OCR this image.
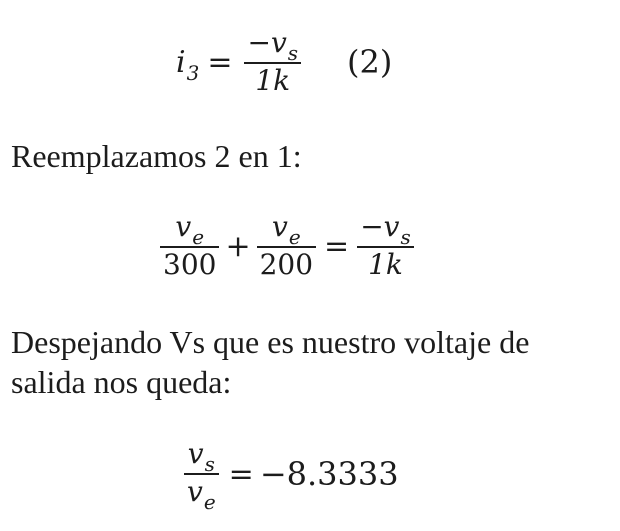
$i_3 = \frac{-v_s}{1k} (2)$
Reemplazamos 2 en 1:
$\frac{v_e}{300} + \frac{v_e}{200} = \frac{-v_s}{1k}$
Despejando Vs que es nuestro voltaje de
salida nos queda:
$\frac{v_s}{v_e} = -8.3333$
